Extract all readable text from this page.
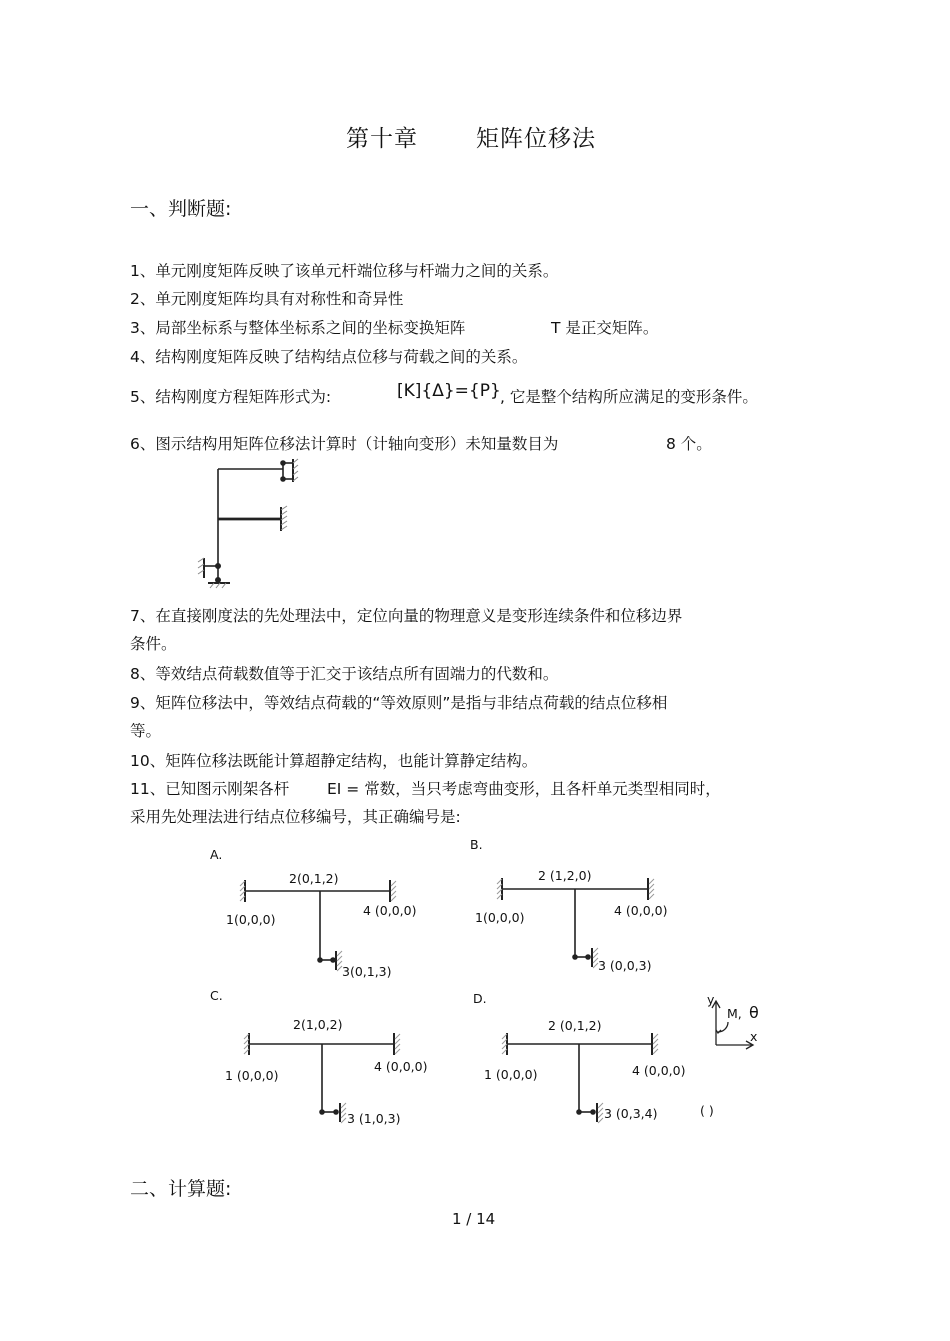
第十章	矩阵位移法
一、判断题:
1、单元刚度矩阵反映了该单元杆端位移与杆端力之间的关系。
2、单元刚度矩阵均具有对称性和奇异性
3、局部坐标系与整体坐标系之间的坐标变换矩阵	T 是正交矩阵。
4、结构刚度矩阵反映了结构结点位移与荷载之间的关系。
5、结构刚度方程矩阵形式为:	[K]{Δ}={P} , 它是整个结构所应满足的变形条件。
6、图示结构用矩阵位移法计算时（计轴向变形）未知量数目为	8 个。
7、在直接刚度法的先处理法中，定位向量的物理意义是变形连续条件和位移边界
条件。
8、等效结点荷载数值等于汇交于该结点所有固端力的代数和。
9、矩阵位移法中，等效结点荷载的“等效原则”是指与非结点荷载的结点位移相
等。
10、矩阵位移法既能计算超静定结构，也能计算静定结构。
11、已知图示刚架各杆 EI = 常数，当只考虑弯曲变形，且各杆单元类型相同时，
采用先处理法进行结点位移编号，其正确编号是:
A.
2(0,1,2)
1(0,0,0)
4 (0,0,0)
3(0,1,3)
B.
2 (1,2,0)
1(0,0,0)	4 (0,0,0)
3 (0,0,3)
C.
2(1,0,2)
1 (0,0,0)
4 (0,0,0)
3 (1,0,3)
D.
2 (0,1,2)
1 (0,0,0)	4 (0,0,0)
3 (0,3,4)
y
x
M, θ
( )
二、计算题:
1 / 14
